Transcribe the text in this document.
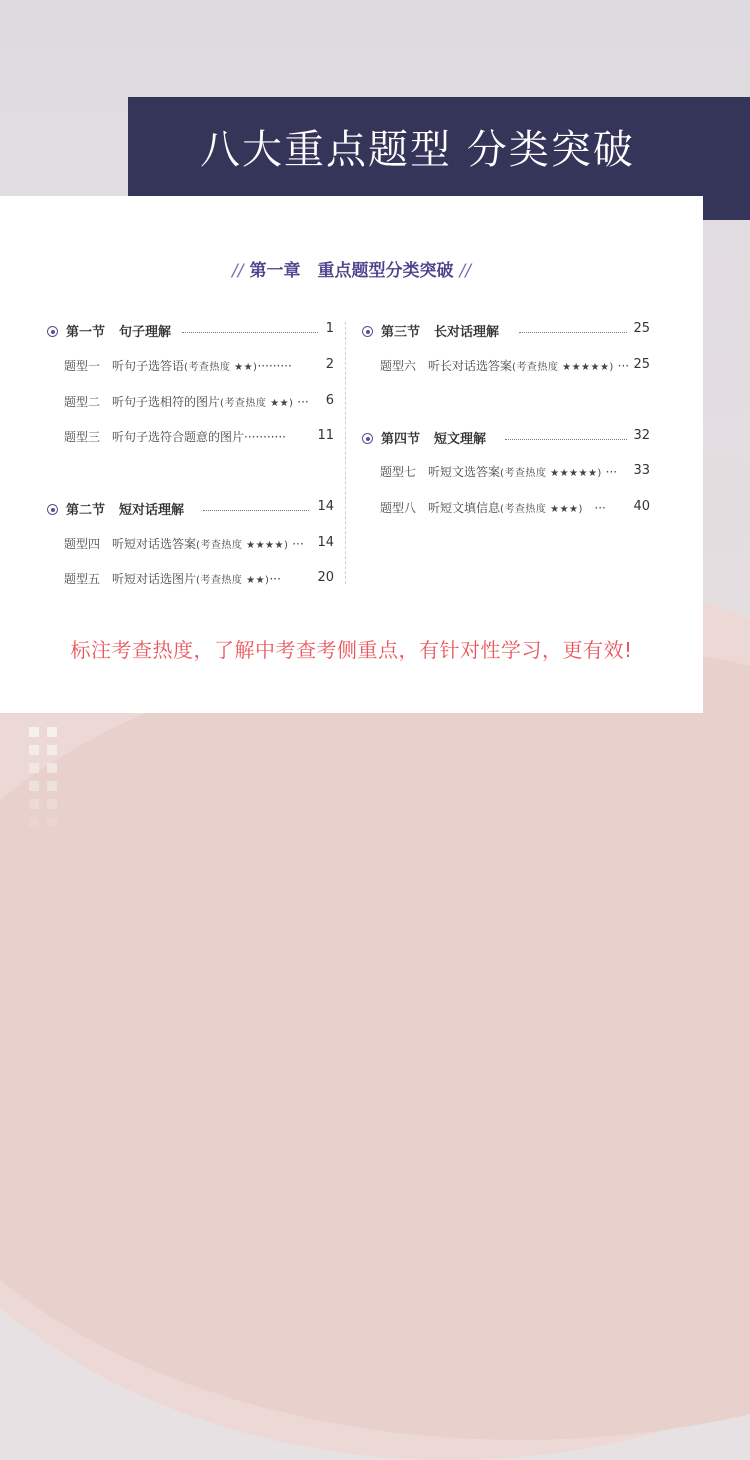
八大重点题型 分类突破
// 第一章　重点题型分类突破 //
第一节 句子理解	1
题型一 听句子选答语(考查热度 ★★)·········	2
题型二 听句子选相符的图片(考查热度 ★★) ···	6
题型三 听句子选符合题意的图片···········	11
第二节 短对话理解	14
题型四 听短对话选答案(考查热度 ★★★★) ···	14
题型五 听短对话选图片(考查热度 ★★)···	20
第三节 长对话理解	25
题型六 听长对话选答案(考查热度 ★★★★★) ··· 25
第四节 短文理解	32
题型七 听短文选答案(考查热度 ★★★★★) ···	33
题型八 听短文填信息(考查热度 ★★★) ···	40
标注考查热度，了解中考查考侧重点，有针对性学习，更有效!
